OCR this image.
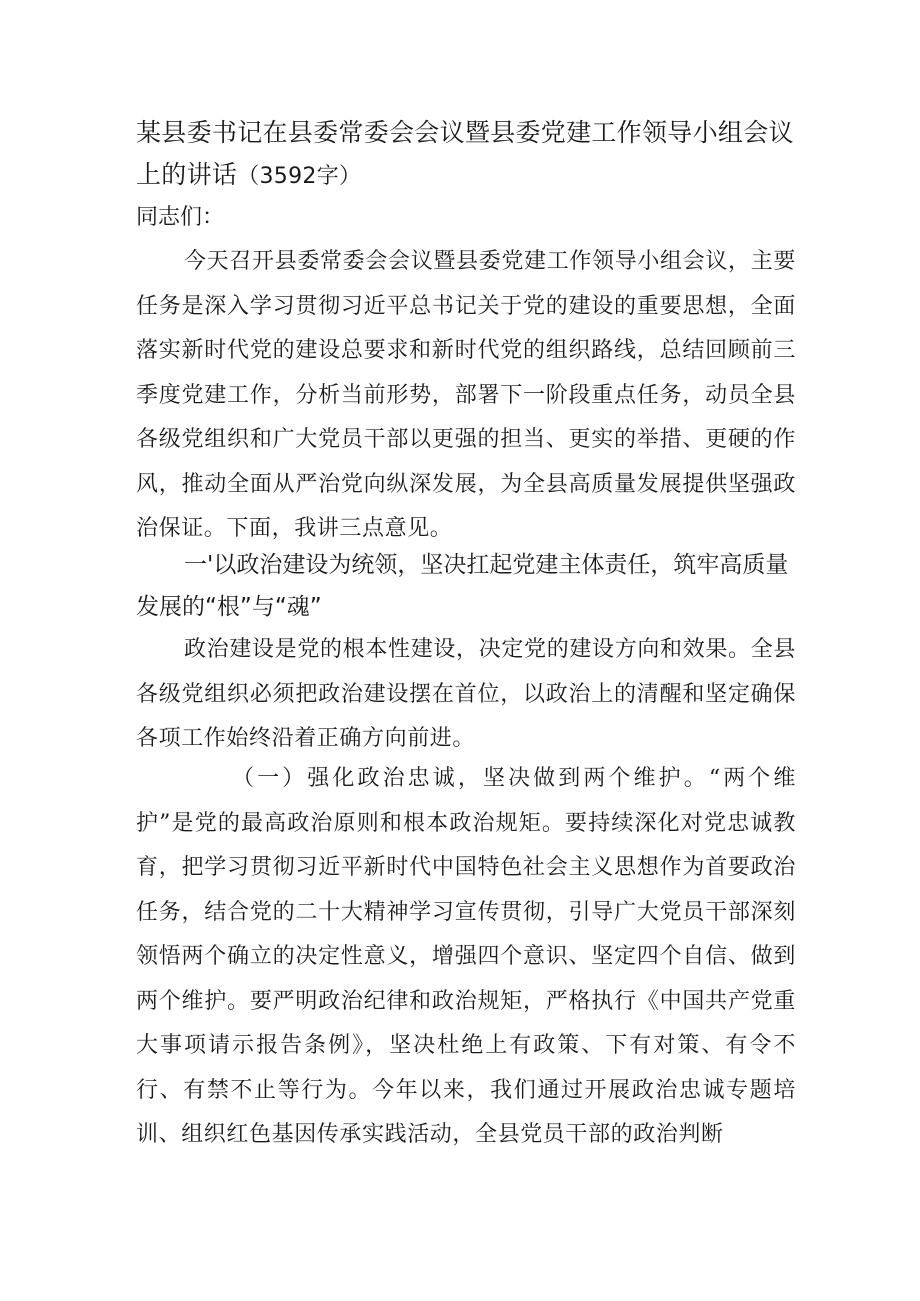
某县委书记在县委常委会会议暨县委党建工作领导小组会议上的讲话（3592字）
同志们：

今天召开县委常委会会议暨县委党建工作领导小组会议，主要任务是深入学习贯彻习近平总书记关于党的建设的重要思想，全面落实新时代党的建设总要求和新时代党的组织路线，总结回顾前三季度党建工作，分析当前形势，部署下一阶段重点任务，动员全县各级党组织和广大党员干部以更强的担当、更实的举措、更硬的作风，推动全面从严治党向纵深发展，为全县高质量发展提供坚强政治保证。下面，我讲三点意见。

一'以政治建设为统领，坚决扛起党建主体责任，筑牢高质量发展的“根”与“魂”

政治建设是党的根本性建设，决定党的建设方向和效果。全县各级党组织必须把政治建设摆在首位，以政治上的清醒和坚定确保各项工作始终沿着正确方向前进。

（一）强化政治忠诚，坚决做到两个维护。“两个维护”是党的最高政治原则和根本政治规矩。要持续深化对党忠诚教育，把学习贯彻习近平新时代中国特色社会主义思想作为首要政治任务，结合党的二十大精神学习宣传贯彻，引导广大党员干部深刻领悟两个确立的决定性意义，增强四个意识、坚定四个自信、做到两个维护。要严明政治纪律和政治规矩，严格执行《中国共产党重大事项请示报告条例》，坚决杜绝上有政策、下有对策、有令不行、有禁不止等行为。今年以来，我们通过开展政治忠诚专题培训、组织红色基因传承实践活动，全县党员干部的政治判断
